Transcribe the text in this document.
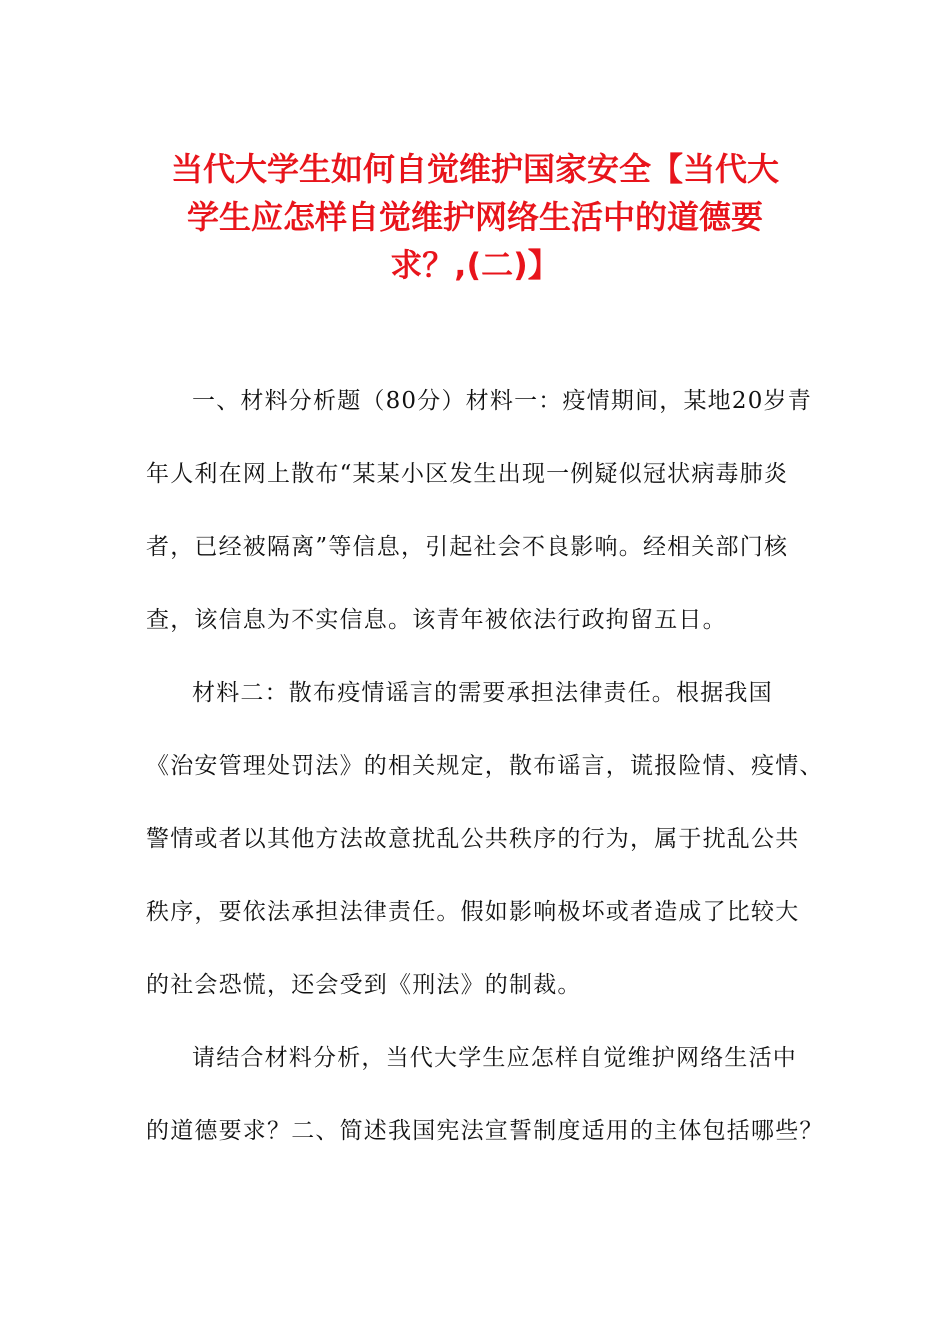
当代大学生如何自觉维护国家安全【当代大
学生应怎样自觉维护网络生活中的道德要
求？,(二)】
一、材料分析题（80分）材料一：疫情期间，某地20岁青
年人利在网上散布“某某小区发生出现一例疑似冠状病毒肺炎
者，已经被隔离”等信息，引起社会不良影响。经相关部门核
查，该信息为不实信息。该青年被依法行政拘留五日。
材料二：散布疫情谣言的需要承担法律责任。根据我国
《治安管理处罚法》的相关规定，散布谣言，谎报险情、疫情、
警情或者以其他方法故意扰乱公共秩序的行为，属于扰乱公共
秩序，要依法承担法律责任。假如影响极坏或者造成了比较大
的社会恐慌，还会受到《刑法》的制裁。
请结合材料分析，当代大学生应怎样自觉维护网络生活中
的道德要求？二、简述我国宪法宣誓制度适用的主体包括哪些？
